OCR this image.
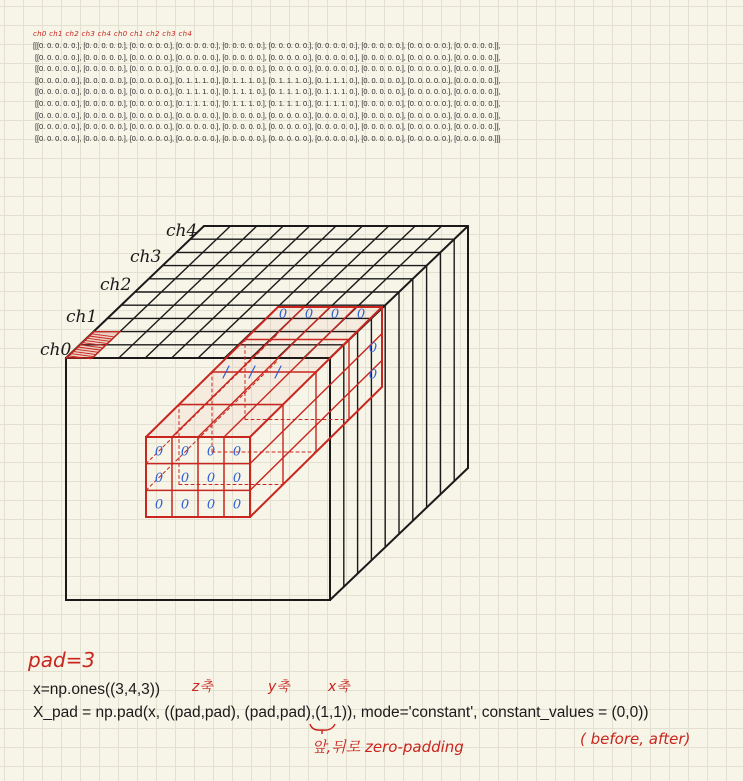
ch0 ch1 ch2 ch3 ch4 ch0 ch1 ch2 ch3 ch4
[[[0. 0. 0. 0. 0.], [0. 0. 0. 0. 0.], [0. 0. 0. 0. 0.], [0. 0. 0. 0. 0.], [0. 0. 0. 0. 0.], [0. 0. 0. 0. 0.], [0. 0. 0. 0. 0.], [0. 0. 0. 0. 0.], [0. 0. 0. 0. 0.], [0. 0. 0. 0. 0.]],
[[0. 0. 0. 0. 0.], [0. 0. 0. 0. 0.], [0. 0. 0. 0. 0.], [0. 0. 0. 0. 0.], [0. 0. 0. 0. 0.], [0. 0. 0. 0. 0.], [0. 0. 0. 0. 0.], [0. 0. 0. 0. 0.], [0. 0. 0. 0. 0.], [0. 0. 0. 0. 0.]],
[[0. 0. 0. 0. 0.], [0. 0. 0. 0. 0.], [0. 0. 0. 0. 0.], [0. 0. 0. 0. 0.], [0. 0. 0. 0. 0.], [0. 0. 0. 0. 0.], [0. 0. 0. 0. 0.], [0. 0. 0. 0. 0.], [0. 0. 0. 0. 0.], [0. 0. 0. 0. 0.]],
[[0. 0. 0. 0. 0.], [0. 0. 0. 0. 0.], [0. 0. 0. 0. 0.], [0. 1. 1. 1. 0.], [0. 1. 1. 1. 0.], [0. 1. 1. 1. 0.], [0. 1. 1. 1. 0.], [0. 0. 0. 0. 0.], [0. 0. 0. 0. 0.], [0. 0. 0. 0. 0.]],
[[0. 0. 0. 0. 0.], [0. 0. 0. 0. 0.], [0. 0. 0. 0. 0.], [0. 1. 1. 1. 0.], [0. 1. 1. 1. 0.], [0. 1. 1. 1. 0.], [0. 1. 1. 1. 0.], [0. 0. 0. 0. 0.], [0. 0. 0. 0. 0.], [0. 0. 0. 0. 0.]],
[[0. 0. 0. 0. 0.], [0. 0. 0. 0. 0.], [0. 0. 0. 0. 0.], [0. 1. 1. 1. 0.], [0. 1. 1. 1. 0.], [0. 1. 1. 1. 0.], [0. 1. 1. 1. 0.], [0. 0. 0. 0. 0.], [0. 0. 0. 0. 0.], [0. 0. 0. 0. 0.]],
[[0. 0. 0. 0. 0.], [0. 0. 0. 0. 0.], [0. 0. 0. 0. 0.], [0. 0. 0. 0. 0.], [0. 0. 0. 0. 0.], [0. 0. 0. 0. 0.], [0. 0. 0. 0. 0.], [0. 0. 0. 0. 0.], [0. 0. 0. 0. 0.], [0. 0. 0. 0. 0.]],
[[0. 0. 0. 0. 0.], [0. 0. 0. 0. 0.], [0. 0. 0. 0. 0.], [0. 0. 0. 0. 0.], [0. 0. 0. 0. 0.], [0. 0. 0. 0. 0.], [0. 0. 0. 0. 0.], [0. 0. 0. 0. 0.], [0. 0. 0. 0. 0.], [0. 0. 0. 0. 0.]],
[[0. 0. 0. 0. 0.], [0. 0. 0. 0. 0.], [0. 0. 0. 0. 0.], [0. 0. 0. 0. 0.], [0. 0. 0. 0. 0.], [0. 0. 0. 0. 0.], [0. 0. 0. 0. 0.], [0. 0. 0. 0. 0.], [0. 0. 0. 0. 0.], [0. 0. 0. 0. 0.]]]
0 0 0 0
0 0 0 0
0 0 0 0
0 0 0 0
0
0
ch0
ch1
ch2
ch3
ch4
pad=3
x=np.ones((3,4,3))
X_pad = np.pad(x, ((pad,pad), (pad,pad),(1,1)), mode='constant', constant_values = (0,0))
z축	y축	x축
앞,뒤로 zero-padding	( before, after)
